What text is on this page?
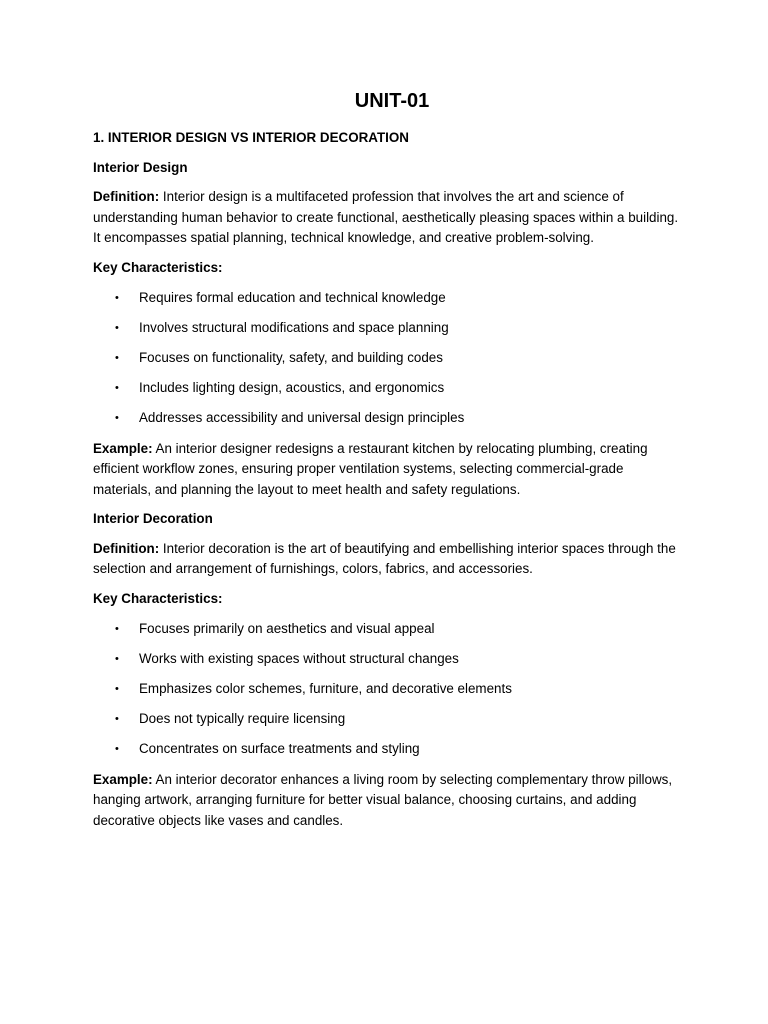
UNIT-01
1. INTERIOR DESIGN VS INTERIOR DECORATION
Interior Design
Definition: Interior design is a multifaceted profession that involves the art and science of understanding human behavior to create functional, aesthetically pleasing spaces within a building. It encompasses spatial planning, technical knowledge, and creative problem-solving.
Key Characteristics:
• Requires formal education and technical knowledge
• Involves structural modifications and space planning
• Focuses on functionality, safety, and building codes
• Includes lighting design, acoustics, and ergonomics
• Addresses accessibility and universal design principles
Example: An interior designer redesigns a restaurant kitchen by relocating plumbing, creating efficient workflow zones, ensuring proper ventilation systems, selecting commercial-grade materials, and planning the layout to meet health and safety regulations.
Interior Decoration
Definition: Interior decoration is the art of beautifying and embellishing interior spaces through the selection and arrangement of furnishings, colors, fabrics, and accessories.
Key Characteristics:
• Focuses primarily on aesthetics and visual appeal
• Works with existing spaces without structural changes
• Emphasizes color schemes, furniture, and decorative elements
• Does not typically require licensing
• Concentrates on surface treatments and styling
Example: An interior decorator enhances a living room by selecting complementary throw pillows, hanging artwork, arranging furniture for better visual balance, choosing curtains, and adding decorative objects like vases and candles.
